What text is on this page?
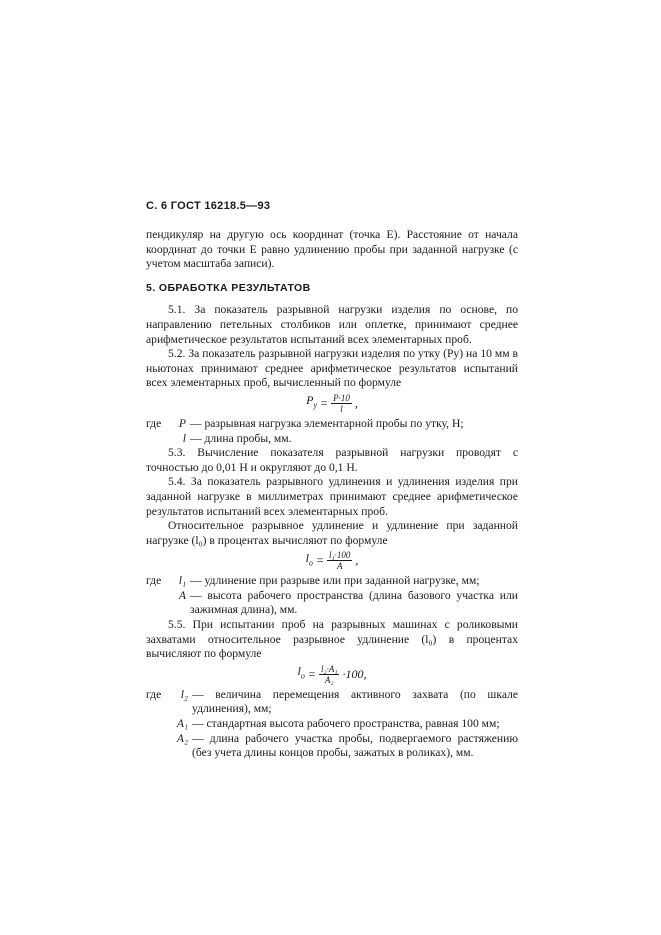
С. 6 ГОСТ 16218.5—93

пендикуляр на другую ось координат (точка Е). Расстояние от начала координат до точки E равно удлинению пробы при заданной нагрузке (с учетом масштаба записи).

5. ОБРАБОТКА РЕЗУЛЬТАТОВ

5.1. За показатель разрывной нагрузки изделия по основе, по направлению петельных столбиков или оплетке, принимают среднее арифметическое результатов испытаний всех элементарных проб.

5.2. За показатель разрывной нагрузки изделия по утку (Pу) на 10 мм в ньютонах принимают среднее арифметическое результатов испытаний всех элементарных проб, вычисленный по формуле

$P_у = \frac{P\cdot 10}{l}$ ,
где	P — разрывная нагрузка элементарной пробы по утку, Н;
l — длина пробы, мм.

5.3. Вычисление показателя разрывной нагрузки проводят с точностью до 0,01 Н и округляют до 0,1 Н.

5.4. За показатель разрывного удлинения и удлинения изделия при заданной нагрузке в миллиметрах принимают среднее арифметическое результатов испытаний всех элементарных проб.

Относительное разрывное удлинение и удлинение при заданной нагрузке (l₀) в процентах вычисляют по формуле

$l_о = \frac{\text{l₁·100}}{A}$ ,
где	l₁ — удлинение при разрыве или при заданной нагрузке, мм;
A — высота рабочего пространства (длина базового участка или зажимная длина), мм.

5.5. При испытании проб на разрывных машинах с роликовыми захватами относительное разрывное удлинение (l₀) в процентах вычисляют по формуле

$l_о = \frac{\text{l₂·A₁}}{\text{A₂}} \cdot 100$,
где	l₂ — величина перемещения активного захвата (по шкале удлинения), мм;
A₁ — стандартная высота рабочего пространства, равная 100 мм;
A₂ — длина рабочего участка пробы, подвергаемого растяжению (без учета длины концов пробы, зажатых в роликах), мм.
